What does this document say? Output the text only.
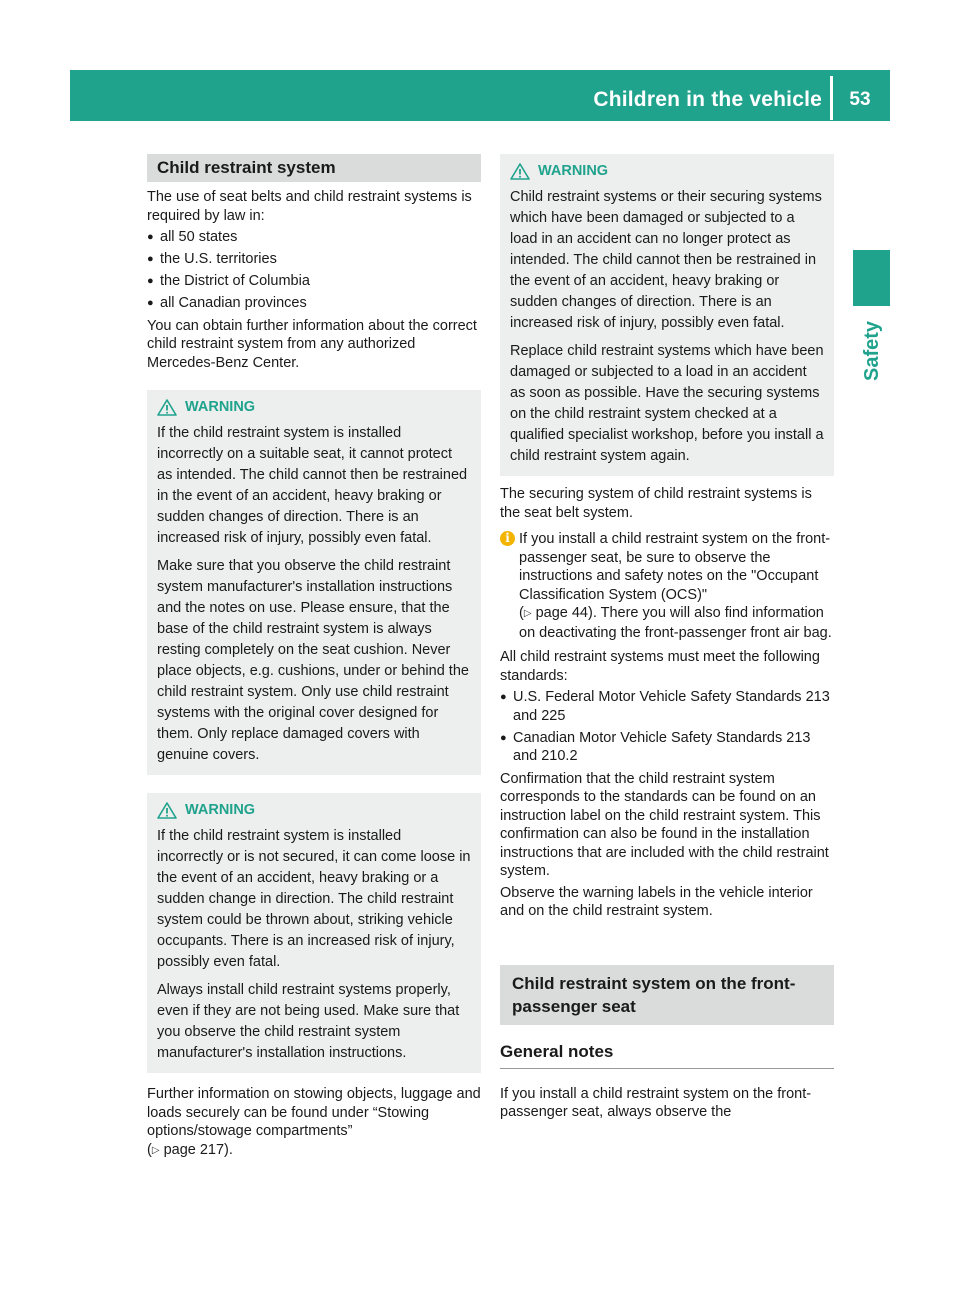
Children in the vehicle	53
Safety
Child restraint system

The use of seat belts and child restraint systems is required by law in:

● all 50 states
● the U.S. territories
● the District of Columbia
● all Canadian provinces

You can obtain further information about the correct child restraint system from any authorized Mercedes-Benz Center.

WARNING

If the child restraint system is installed incorrectly on a suitable seat, it cannot protect as intended. The child cannot then be restrained in the event of an accident, heavy braking or sudden changes of direction. There is an increased risk of injury, possibly even fatal.

Make sure that you observe the child restraint system manufacturer's installation instructions and the notes on use. Please ensure, that the base of the child restraint system is always resting completely on the seat cushion. Never place objects, e.g. cushions, under or behind the child restraint system. Only use child restraint systems with the original cover designed for them. Only replace damaged covers with genuine covers.

WARNING

If the child restraint system is installed incorrectly or is not secured, it can come loose in the event of an accident, heavy braking or a sudden change in direction. The child restraint system could be thrown about, striking vehicle occupants. There is an increased risk of injury, possibly even fatal.

Always install child restraint systems properly, even if they are not being used. Make sure that you observe the child restraint system manufacturer's installation instructions.

Further information on stowing objects, luggage and loads securely can be found under “Stowing options/stowage compartments”
(▷ page 217).

WARNING

Child restraint systems or their securing systems which have been damaged or subjected to a load in an accident can no longer protect as intended. The child cannot then be restrained in the event of an accident, heavy braking or sudden changes of direction. There is an increased risk of injury, possibly even fatal.

Replace child restraint systems which have been damaged or subjected to a load in an accident as soon as possible. Have the securing systems on the child restraint system checked at a qualified specialist workshop, before you install a child restraint system again.

The securing system of child restraint systems is the seat belt system.

i If you install a child restraint system on the front-passenger seat, be sure to observe the instructions and safety notes on the "Occupant Classification System (OCS)"
(▷ page 44). There you will also find information on deactivating the front-passenger front air bag.

All child restraint systems must meet the following standards:

● U.S. Federal Motor Vehicle Safety Standards 213 and 225
● Canadian Motor Vehicle Safety Standards 213 and 210.2

Confirmation that the child restraint system corresponds to the standards can be found on an instruction label on the child restraint system. This confirmation can also be found in the installation instructions that are included with the child restraint system.

Observe the warning labels in the vehicle interior and on the child restraint system.

Child restraint system on the front-passenger seat
General notes

If you install a child restraint system on the front-passenger seat, always observe the
